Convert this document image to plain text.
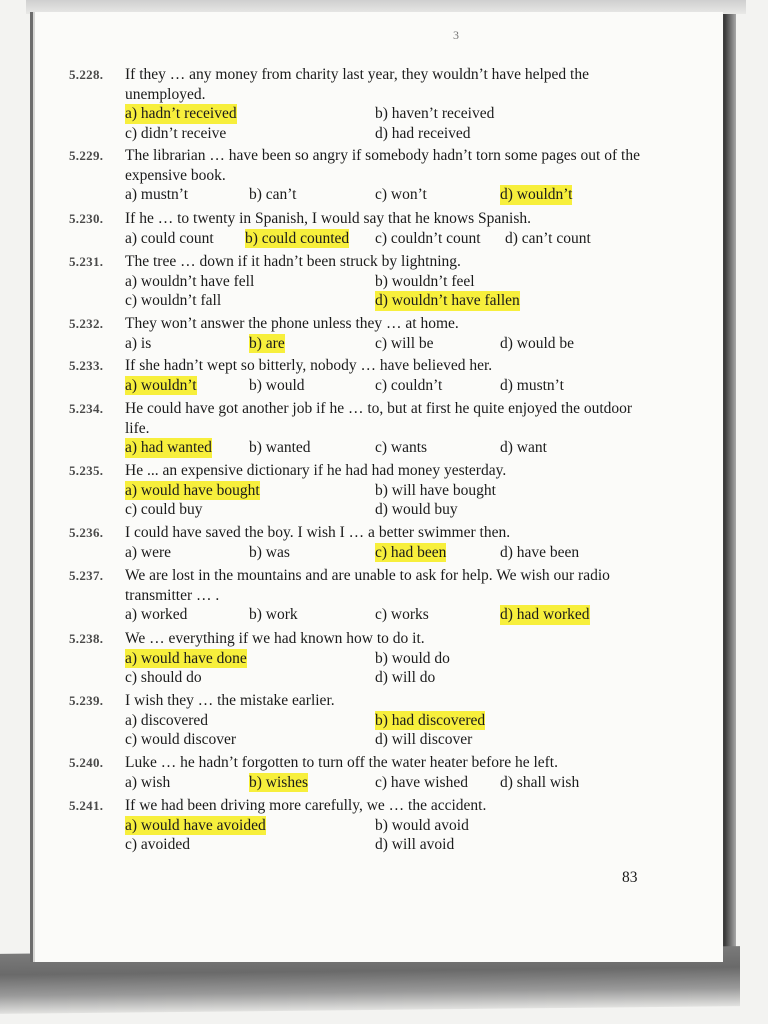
3
5.228. If they … any money from charity last year, they wouldn’t have helped the unemployed.
a) hadn’t received	b) haven’t received
c) didn’t receive	d) had received
5.229. The librarian … have been so angry if somebody hadn’t torn some pages out of the expensive book.
a) mustn’t	b) can’t	c) won’t	d) wouldn’t
5.230. If he … to twenty in Spanish, I would say that he knows Spanish.
a) could count b) could counted c) couldn’t count d) can’t count
5.231. The tree … down if it hadn’t been struck by lightning.
a) wouldn’t have fell	b) wouldn’t feel
c) wouldn’t fall	d) wouldn’t have fallen
5.232. They won’t answer the phone unless they … at home.
a) is	b) are	c) will be	d) would be
5.233. If she hadn’t wept so bitterly, nobody … have believed her.
a) wouldn’t	b) would	c) couldn’t	d) mustn’t
5.234. He could have got another job if he … to, but at first he quite enjoyed the outdoor life.
a) had wanted b) wanted	c) wants	d) want
5.235. He ... an expensive dictionary if he had had money yesterday.
a) would have bought	b) will have bought
c) could buy	d) would buy
5.236. I could have saved the boy. I wish I … a better swimmer then.
a) were	b) was	c) had been	d) have been
5.237. We are lost in the mountains and are unable to ask for help. We wish our radio transmitter … .
a) worked	b) work	c) works	d) had worked
5.238. We … everything if we had known how to do it.
a) would have done	b) would do
c) should do	d) will do
5.239. I wish they … the mistake earlier.
a) discovered	b) had discovered
c) would discover	d) will discover
5.240. Luke … he hadn’t forgotten to turn off the water heater before he left.
a) wish	b) wishes	c) have wished d) shall wish
5.241. If we had been driving more carefully, we … the accident.
a) would have avoided	b) would avoid
c) avoided	d) will avoid
83
